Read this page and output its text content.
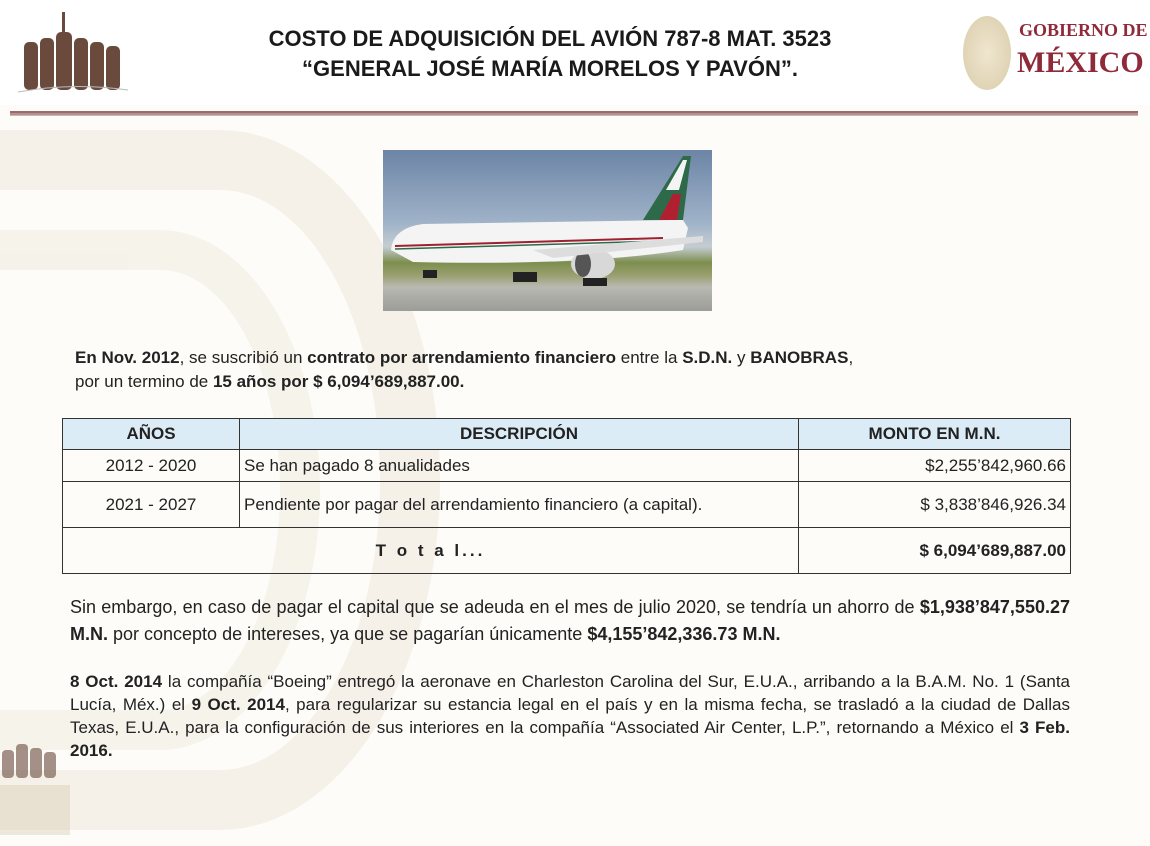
COSTO DE ADQUISICIÓN DEL AVIÓN 787-8 MAT. 3523
“GENERAL JOSÉ MARÍA MORELOS Y PAVÓN”.
GOBIERNO DE
MÉXICO
En Nov. 2012, se suscribió un contrato por arrendamiento financiero entre la S.D.N. y BANOBRAS,
por un termino de 15 años por $ 6,094’689,887.00.
AÑOS	DESCRIPCIÓN	MONTO EN M.N.
2012 - 2020	Se han pagado 8 anualidades	$2,255’842,960.66
2021 - 2027	Pendiente por pagar del arrendamiento financiero (a capital).	$ 3,838’846,926.34
T o t a l...		$ 6,094’689,887.00
Sin embargo, en caso de pagar el capital que se adeuda en el mes de julio 2020, se tendría un ahorro de $1,938’847,550.27 M.N. por concepto de intereses, ya que se pagarían únicamente $4,155’842,336.73 M.N.
8 Oct. 2014 la compañía “Boeing” entregó la aeronave en Charleston Carolina del Sur, E.U.A., arribando a la B.A.M. No. 1 (Santa Lucía, Méx.) el 9 Oct. 2014, para regularizar su estancia legal en el país y en la misma fecha, se trasladó a la ciudad de Dallas Texas, E.U.A., para la configuración de sus interiores en la compañía “Associated Air Center, L.P.”, retornando a México el 3 Feb. 2016.
